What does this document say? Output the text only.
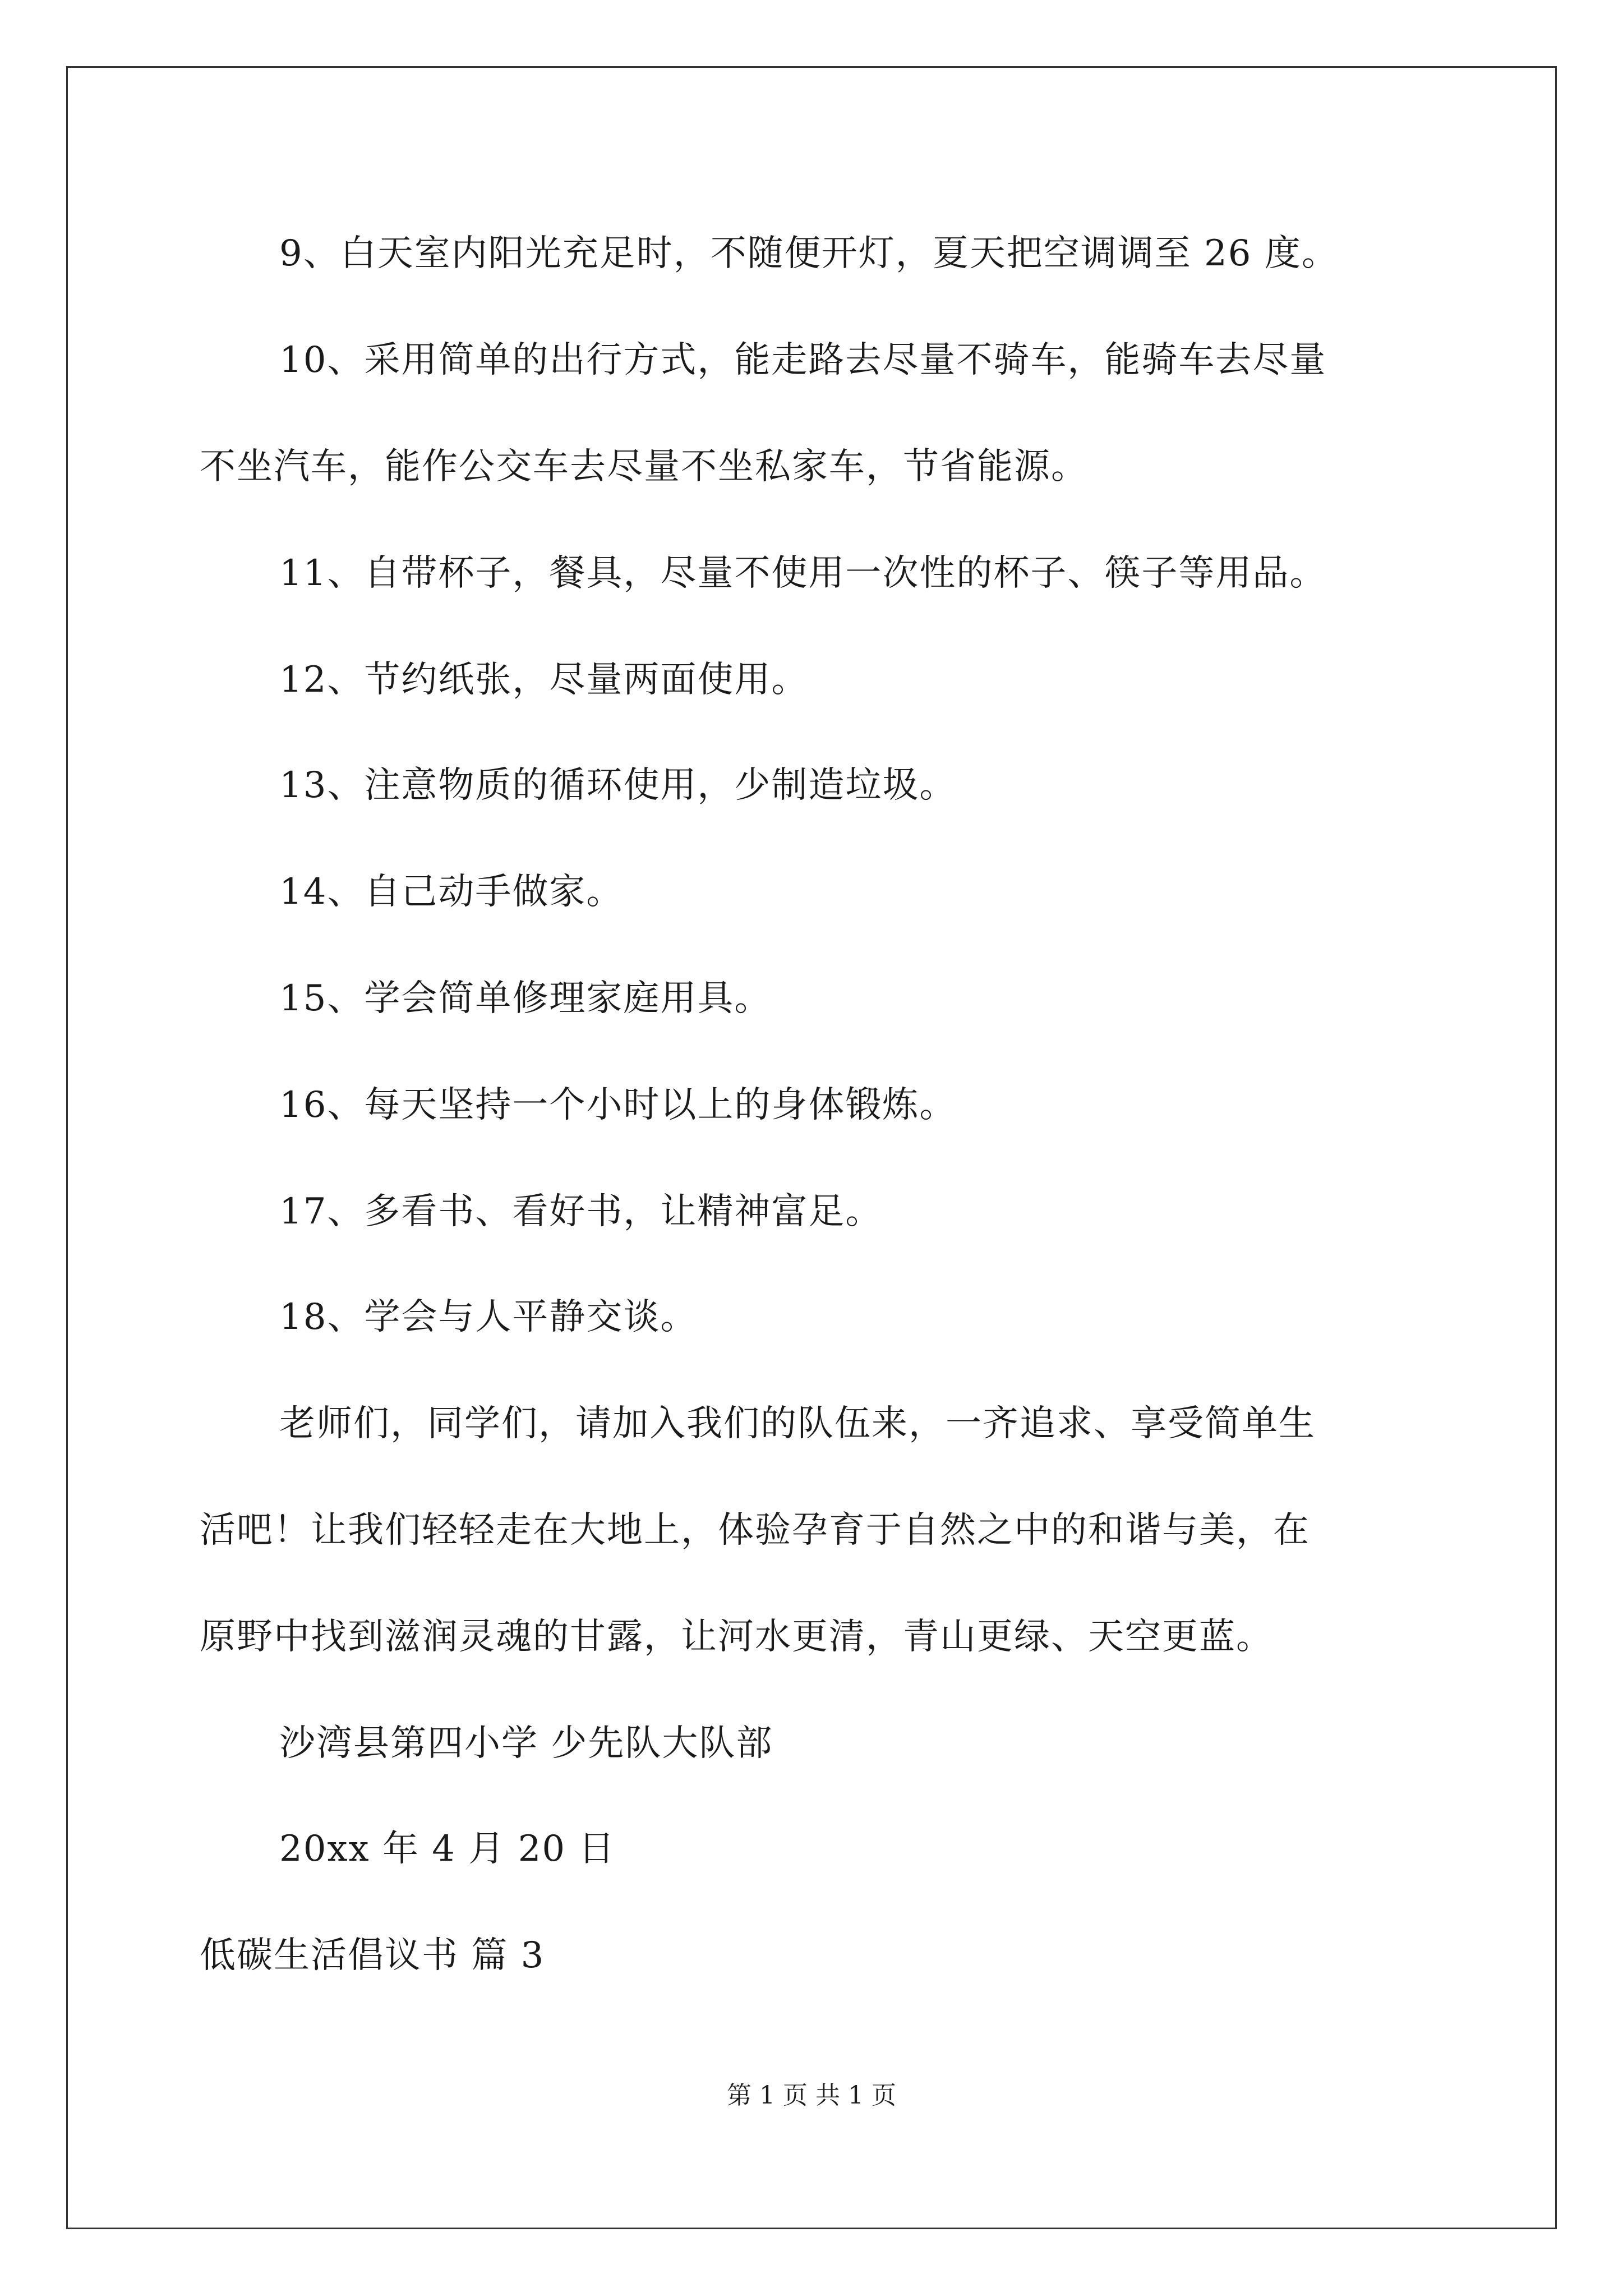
9、白天室内阳光充足时，不随便开灯，夏天把空调调至 26 度。

10、采用简单的出行方式，能走路去尽量不骑车，能骑车去尽量

不坐汽车，能作公交车去尽量不坐私家车，节省能源。

11、自带杯子，餐具，尽量不使用一次性的杯子、筷子等用品。

12、节约纸张，尽量两面使用。

13、注意物质的循环使用，少制造垃圾。

14、自己动手做家。

15、学会简单修理家庭用具。

16、每天坚持一个小时以上的身体锻炼。

17、多看书、看好书，让精神富足。

18、学会与人平静交谈。

老师们，同学们，请加入我们的队伍来，一齐追求、享受简单生

活吧！让我们轻轻走在大地上，体验孕育于自然之中的和谐与美，在

原野中找到滋润灵魂的甘露，让河水更清，青山更绿、天空更蓝。

沙湾县第四小学 少先队大队部

20xx 年 4 月 20 日

低碳生活倡议书 篇 3

第 1 页 共 1 页
